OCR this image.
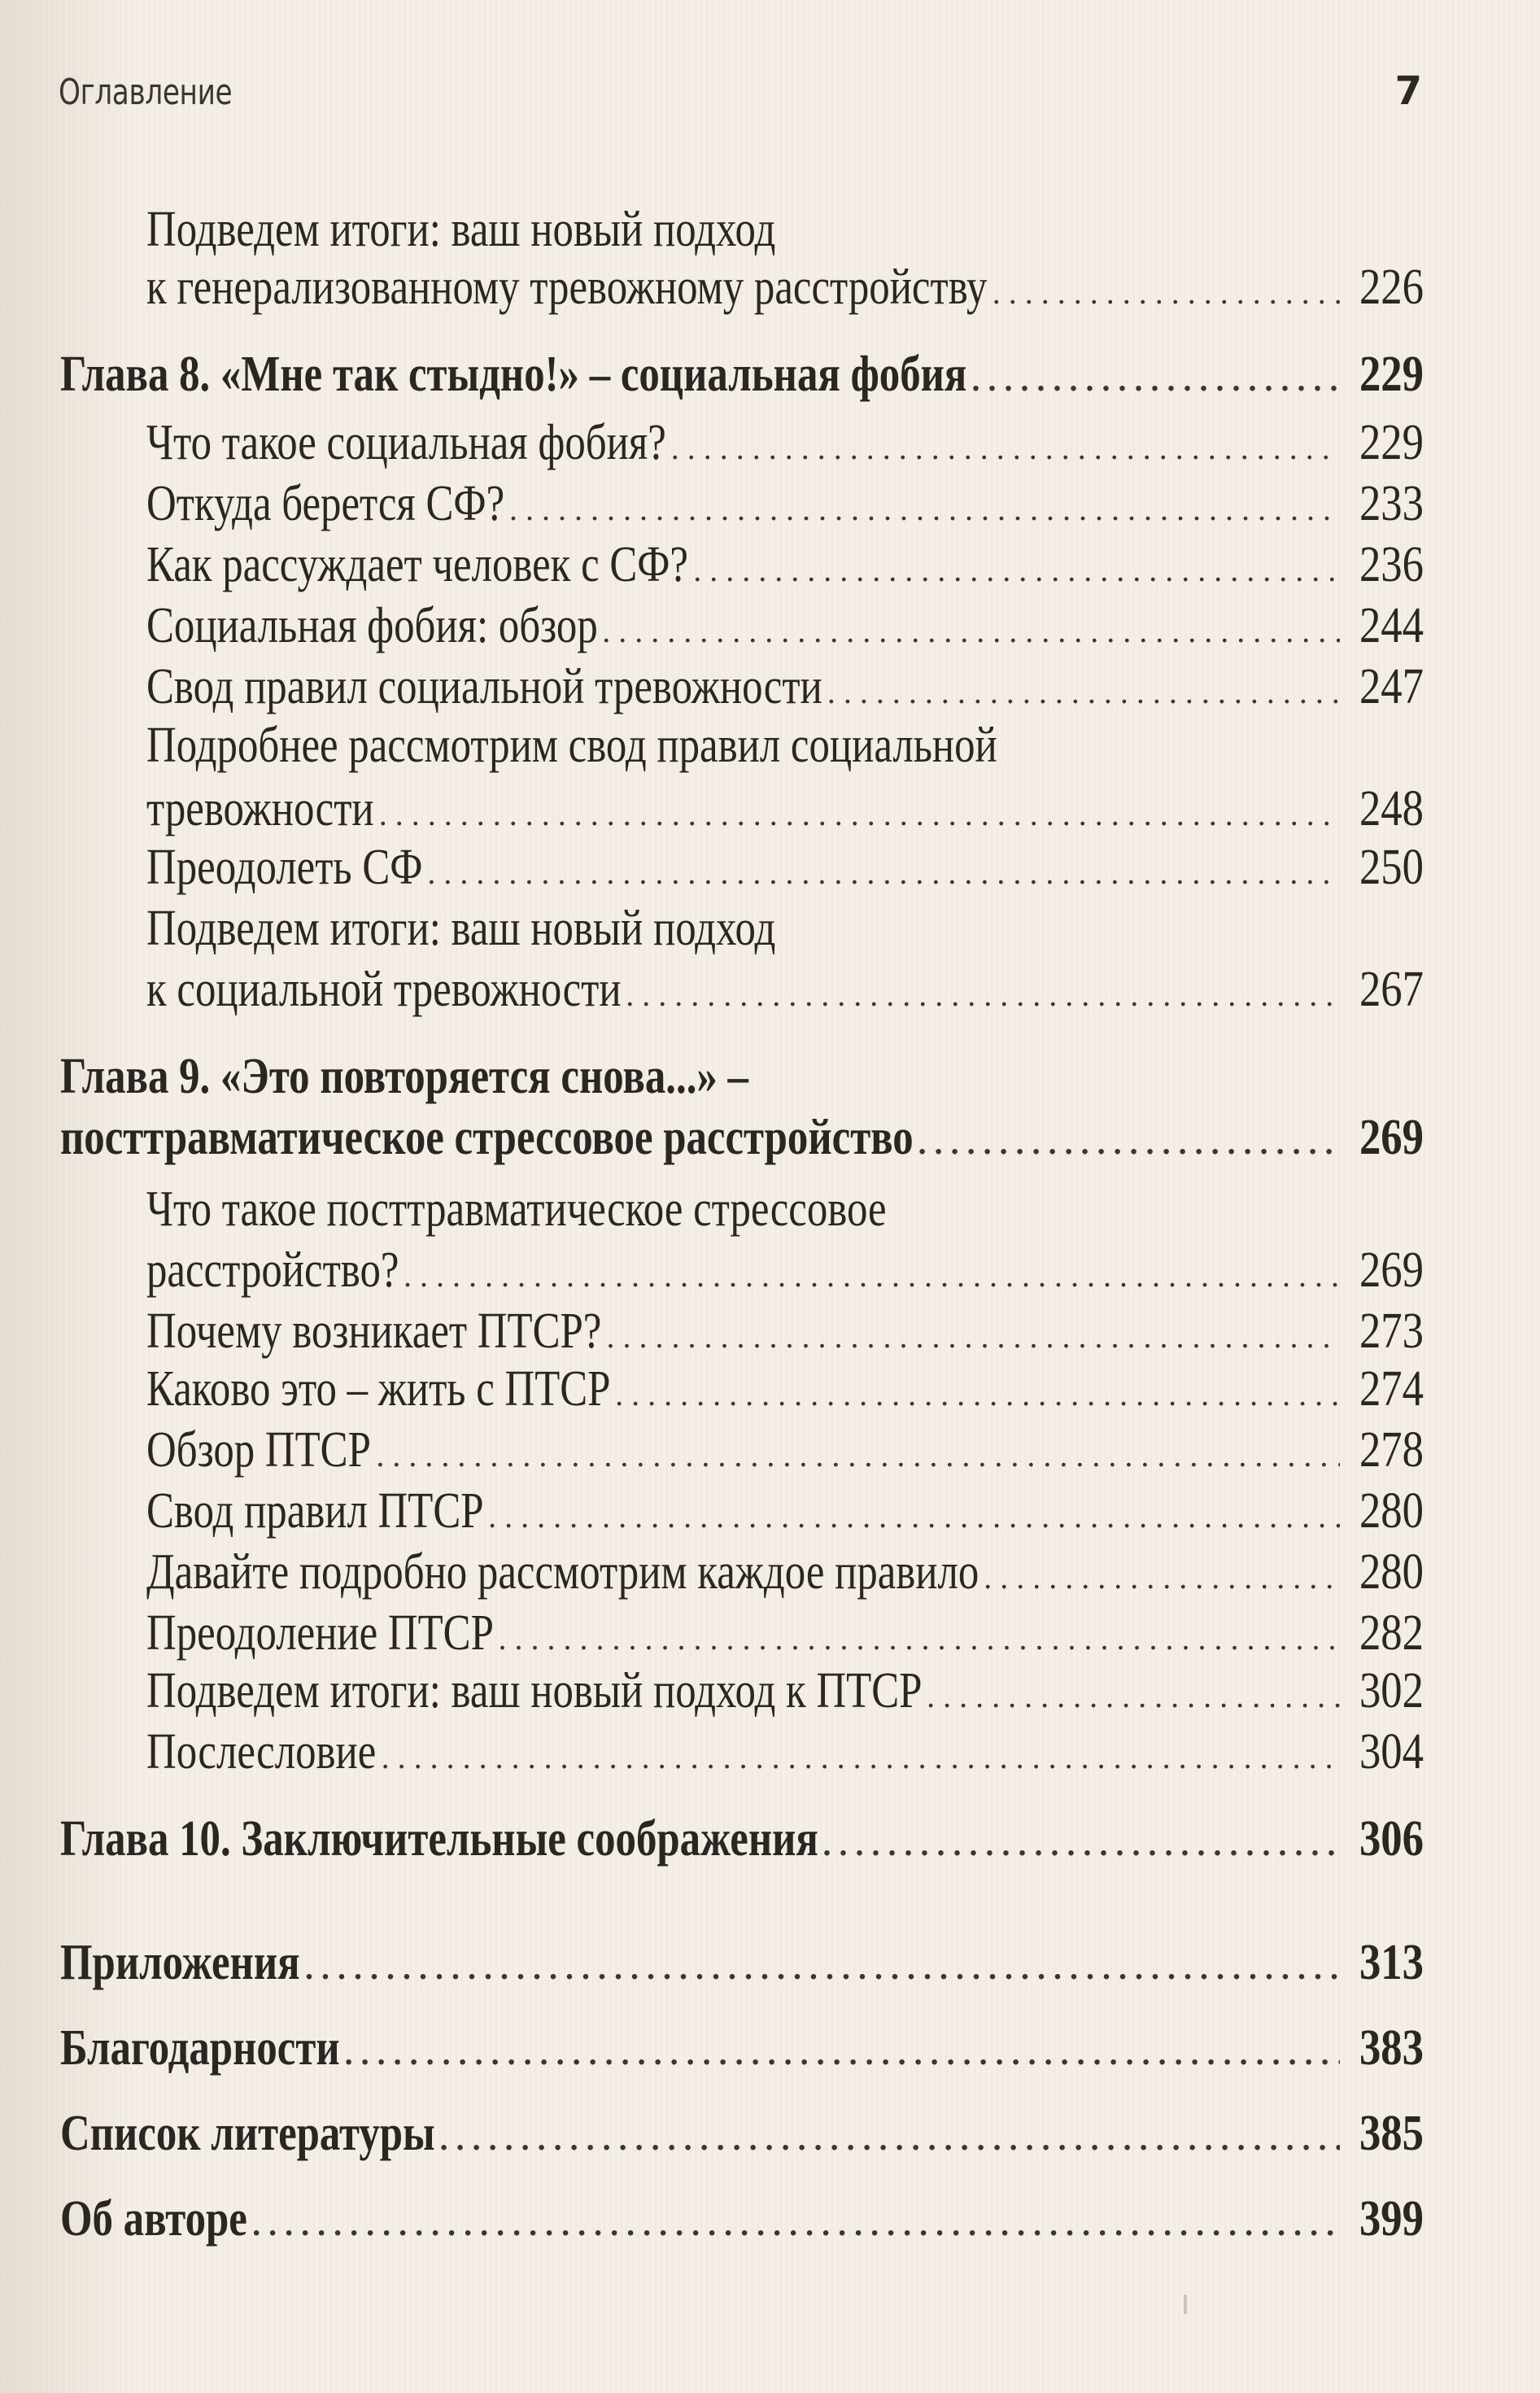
Оглавление	7
Подведем итоги: ваш новый подход
к генерализованному тревожному расстройству . . .	226
Глава 8. «Мне так стыдно!» – социальная фобия . . .	229
Что такое социальная фобия? . . .	229
Откуда берется СФ? . . .	233
Как рассуждает человек с СФ? . . .	236
Социальная фобия: обзор . . .	244
Свод правил социальной тревожности . . .	247
Подробнее рассмотрим свод правил социальной
тревожности . . .	248
Преодолеть СФ . . .	250
Подведем итоги: ваш новый подход
к социальной тревожности . . .	267
Глава 9. «Это повторяется снова...» –
посттравматическое стрессовое расстройство . . .	269
Что такое посттравматическое стрессовое
расстройство? . . .	269
Почему возникает ПТСР? . . .	273
Каково это – жить с ПТСР . . .	274
Обзор ПТСР . . .	278
Свод правил ПТСР . . .	280
Давайте подробно рассмотрим каждое правило . . .	280
Преодоление ПТСР . . .	282
Подведем итоги: ваш новый подход к ПТСР . . .	302
Послесловие . . .	304
Глава 10. Заключительные соображения . . .	306
Приложения . . .	313
Благодарности . . .	383
Список литературы . . .	385
Об авторе . . .	399
